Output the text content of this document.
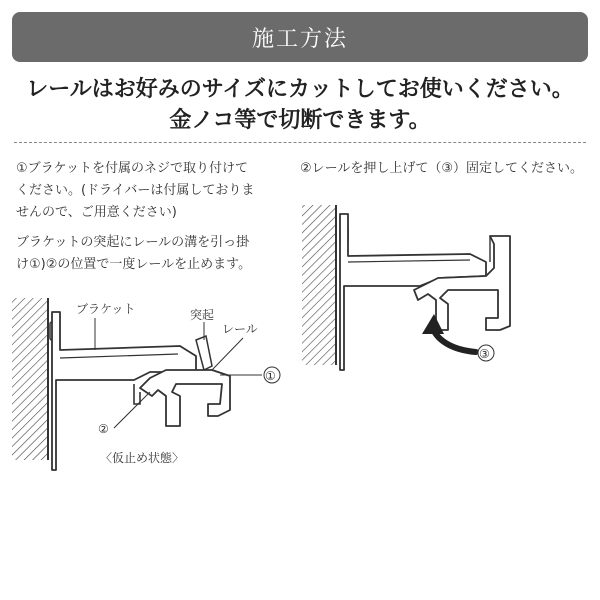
施工方法
レールはお好みのサイズにカットしてお使いください。
金ノコ等で切断できます。
①ブラケットを付属のネジで取り付けて
ください。(ドライバーは付属しておりま
せんので、ご用意ください)
ブラケットの突起にレールの溝を引っ掛
け①)②の位置で一度レールを止めます。
②レールを押し上げて（③）固定してください。
ブラケット	突起
レール
①
②
③
〈仮止め状態〉
